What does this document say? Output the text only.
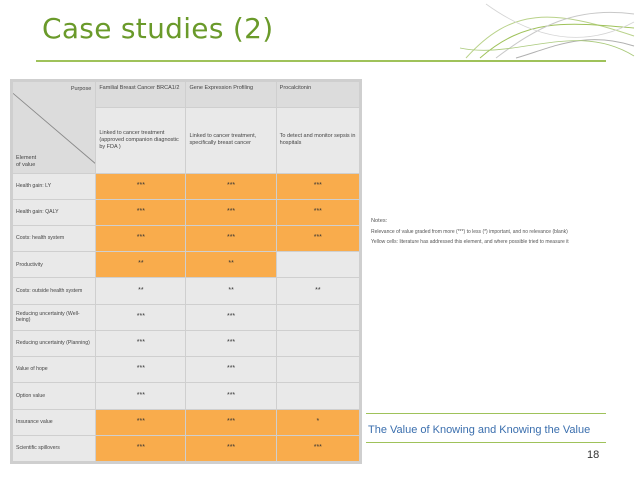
Case studies (2)
Purpose
Element
of value	Familial Breast Cancer BRCA1/2	Gene Expression Profiling	Procalcitonin
	Linked to cancer treatment (approved companion diagnostic by FDA )	Linked to cancer treatment, specifically breast cancer	To detect and monitor sepsis in hospitals
Health gain: LY	***	***	***
Health gain: QALY	***	***	***
Costs: health system	***	***	***
Productivity	**	**	
Costs: outside health system	**	**	**
Reducing uncertainty (Well-being)	***	***	
Reducing uncertainty (Planning)	***	***	
Value of hope	***	***	
Option value	***	***	
Insurance value	***	***	*
Scientific spillovers	***	***	***
Notes:
Relevance of value graded from more (***) to less (*) important, and no relevance (blank)
Yellow cells: literature has addressed this element, and where possible tried to measure it
The Value of Knowing and Knowing the Value
18
